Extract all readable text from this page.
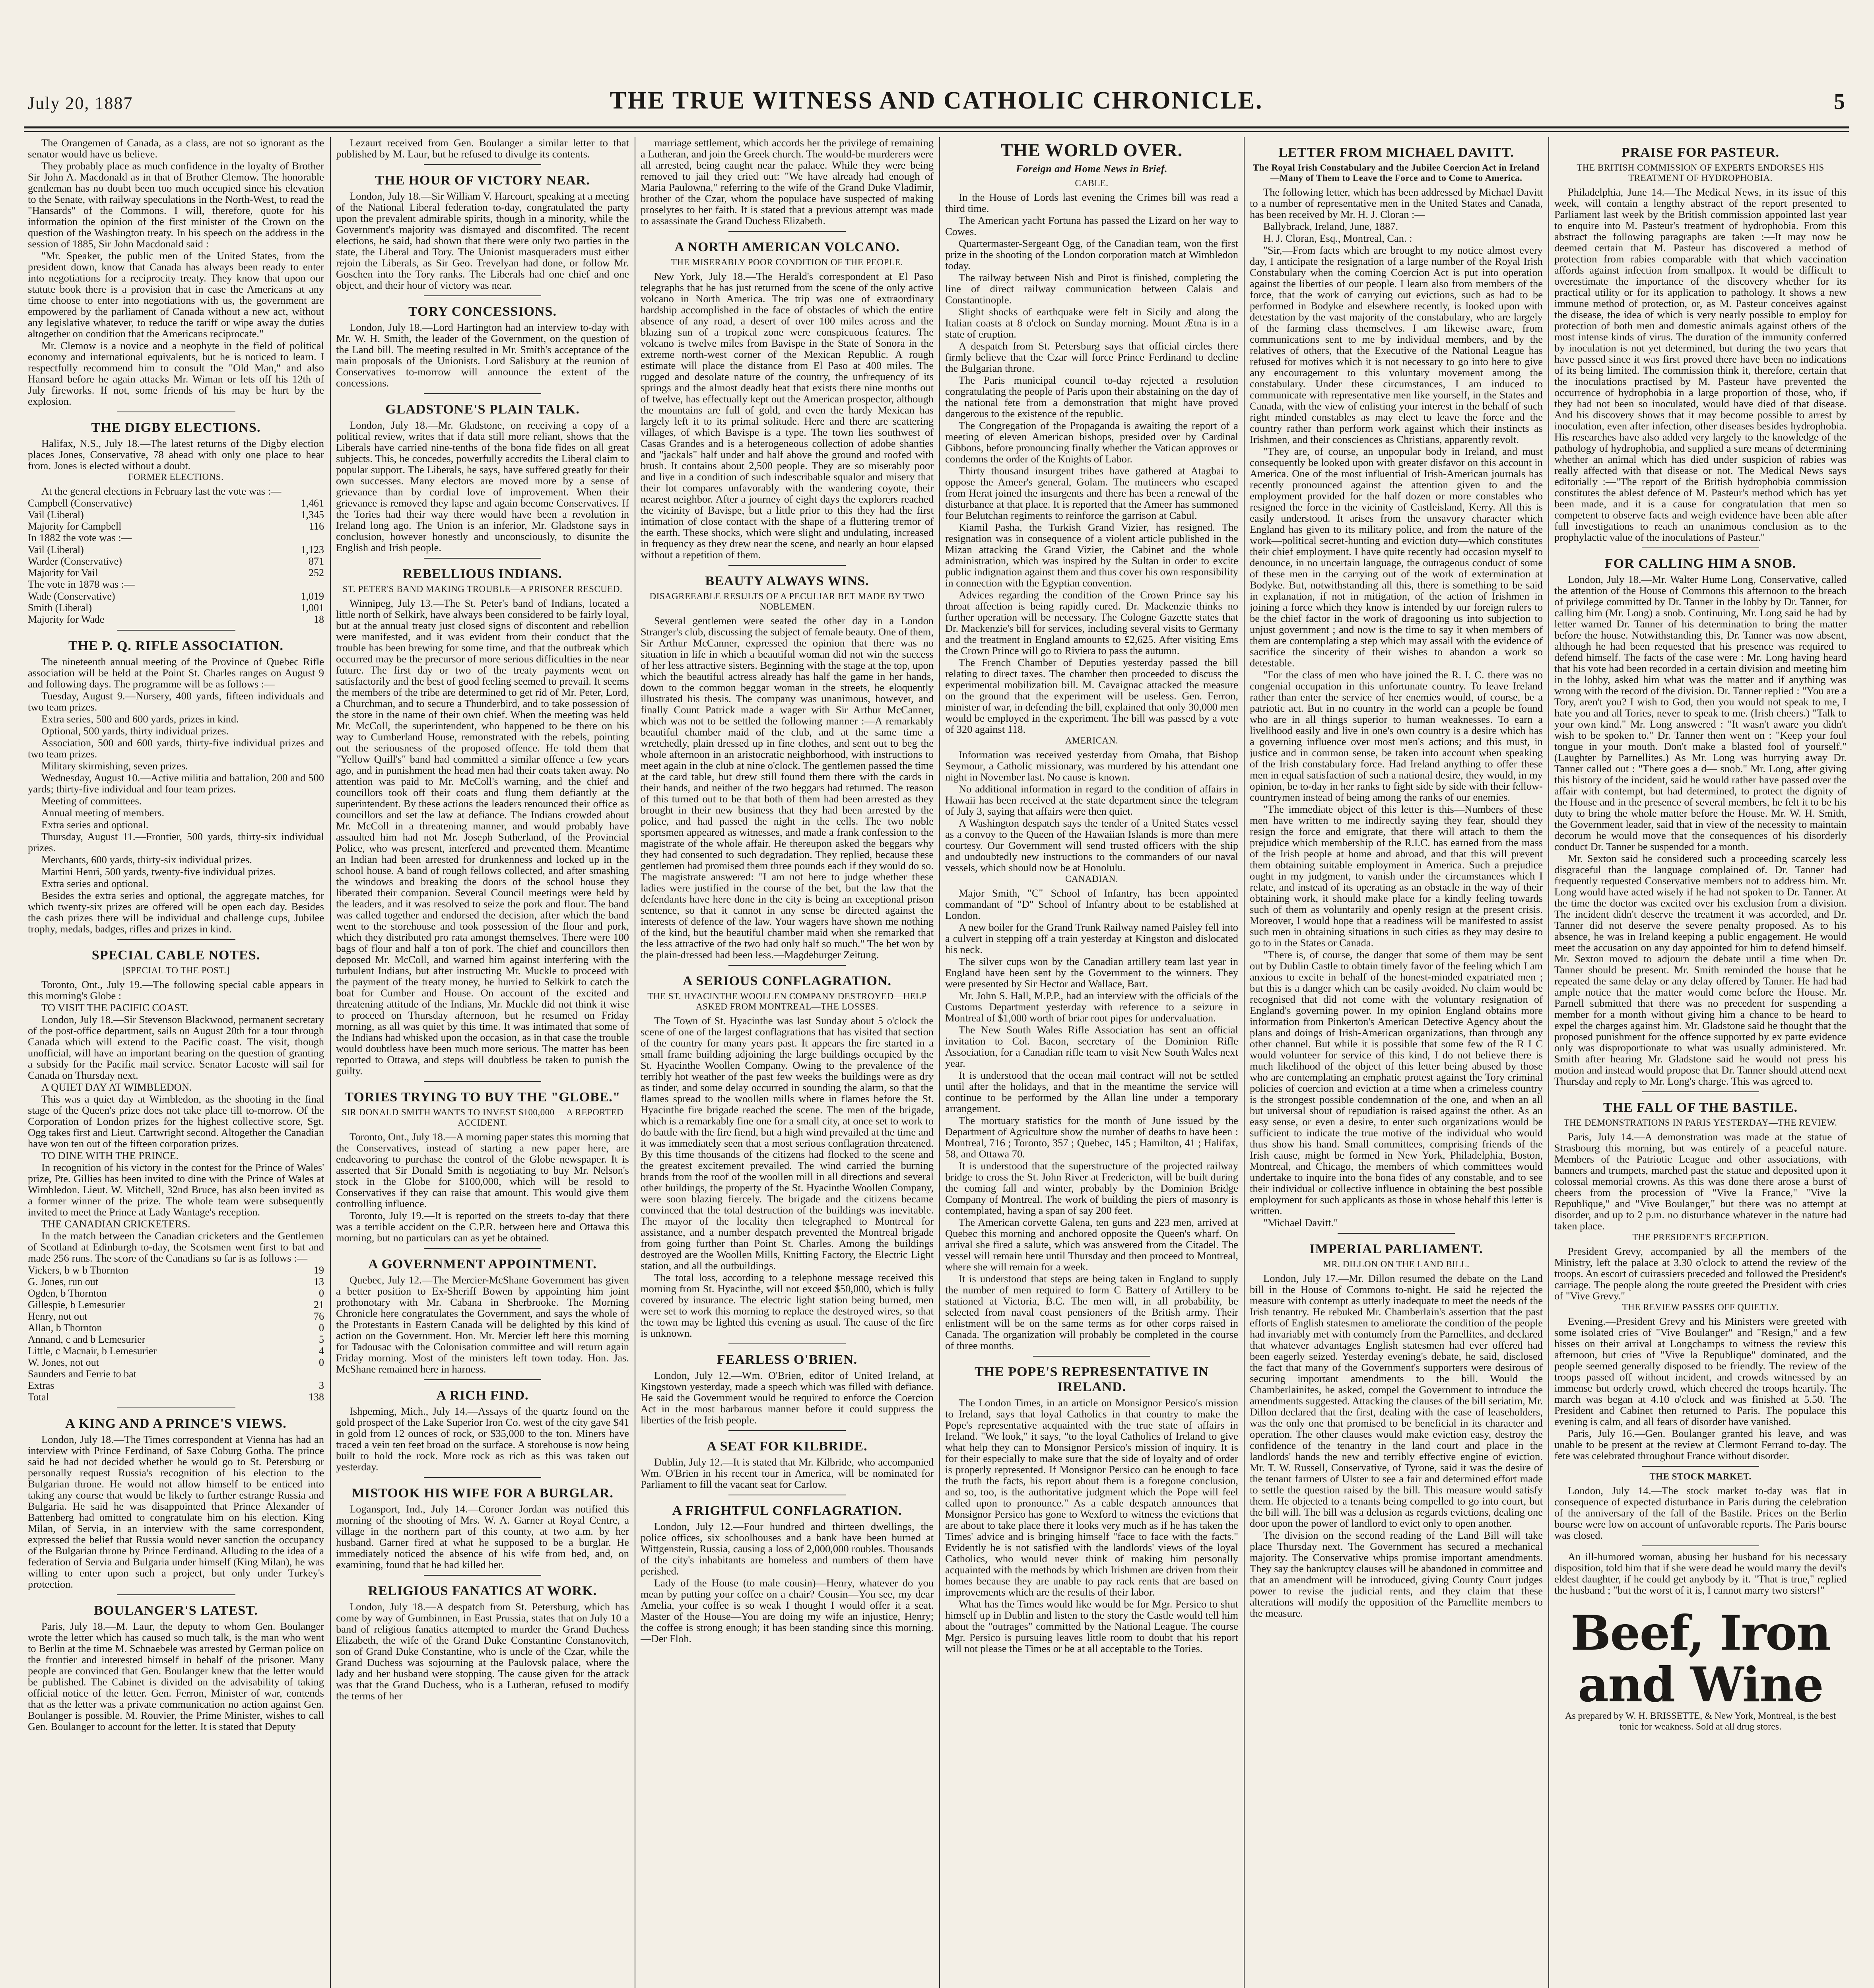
July 20, 1887	THE TRUE WITNESS AND CATHOLIC CHRONICLE.	5
The Orangemen of Canada, as a class, are not so ignorant as the senator would have us believe.
They probably place as much confidence in the loyalty of Brother Sir John A. Macdonald as in that of Brother Clemow. The honorable gentleman has no doubt been too much occupied since his elevation to the Senate, with railway speculations in the North-West, to read the "Hansards" of the Commons. I will, therefore, quote for his information the opinion of the first minister of the Crown on the question of the Washington treaty. In his speech on the address in the session of 1885, Sir John Macdonald said :
"Mr. Speaker, the public men of the United States, from the president down, know that Canada has always been ready to enter into negotiations for a reciprocity treaty. They know that upon our statute book there is a provision that in case the Americans at any time choose to enter into negotiations with us, the government are empowered by the parliament of Canada without a new act, without any legislative whatever, to reduce the tariff or wipe away the duties altogether on condition that the Americans reciprocate."
Mr. Clemow is a novice and a neophyte in the field of political economy and international equivalents, but he is noticed to learn. I respectfully recommend him to consult the "Old Man," and also Hansard before he again attacks Mr. Wiman or lets off his 12th of July fireworks. If not, some friends of his may be hurt by the explosion.
THE DIGBY ELECTIONS.
Halifax, N.S., July 18.—The latest returns of the Digby election places Jones, Conservative, 78 ahead with only one place to hear from. Jones is elected without a doubt.
FORMER ELECTIONS.
At the general elections in February last the vote was :—
Campbell (Conservative)	1,461
Vail (Liberal)	1,345
Majority for Campbell	116
In 1882 the vote was :—
Vail (Liberal)	1,123
Warder (Conservative)	871
Majority for Vail	252
The vote in 1878 was :—
Wade (Conservative)	1,019
Smith (Liberal)	1,001
Majority for Wade	18
THE P. Q. RIFLE ASSOCIATION.
The nineteenth annual meeting of the Province of Quebec Rifle association will be held at the Point St. Charles ranges on August 9 and following days. The programme will be as follows :—
Tuesday, August 9.—Nursery, 400 yards, fifteen individuals and two team prizes.
Extra series, 500 and 600 yards, prizes in kind.
Optional, 500 yards, thirty individual prizes.
Association, 500 and 600 yards, thirty-five individual prizes and two team prizes.
Military skirmishing, seven prizes.
Wednesday, August 10.—Active militia and battalion, 200 and 500 yards; thirty-five individual and four team prizes.
Meeting of committees.
Annual meeting of members.
Extra series and optional.
Thursday, August 11.—Frontier, 500 yards, thirty-six individual prizes.
Merchants, 600 yards, thirty-six individual prizes.
Martini Henri, 500 yards, twenty-five individual prizes.
Extra series and optional.
Besides the extra series and optional, the aggregate matches, for which twenty-six prizes are offered will be open each day. Besides the cash prizes there will be individual and challenge cups, Jubilee trophy, medals, badges, rifles and prizes in kind.
SPECIAL CABLE NOTES.
[SPECIAL TO THE POST.]
Toronto, Ont., July 19.—The following special cable appears in this morning's Globe :
TO VISIT THE PACIFIC COAST.
London, July 18.—Sir Stevenson Blackwood, permanent secretary of the post-office department, sails on August 20th for a tour through Canada which will extend to the Pacific coast. The visit, though unofficial, will have an important bearing on the question of granting a subsidy for the Pacific mail service. Senator Lacoste will sail for Canada on Thursday next.
A QUIET DAY AT WIMBLEDON.
This was a quiet day at Wimbledon, as the shooting in the final stage of the Queen's prize does not take place till to-morrow. Of the Corporation of London prizes for the highest collective score, Sgt. Ogg takes first and Lieut. Cartwright second. Altogether the Canadian have won ten out of the fifteen corporation prizes.
TO DINE WITH THE PRINCE.
In recognition of his victory in the contest for the Prince of Wales' prize, Pte. Gillies has been invited to dine with the Prince of Wales at Wimbledon. Lieut. W. Mitchell, 32nd Bruce, has also been invited as a former winner of the prize. The whole team were subsequently invited to meet the Prince at Lady Wantage's reception.
THE CANADIAN CRICKETERS.
In the match between the Canadian cricketers and the Gentlemen of Scotland at Edinburgh to-day, the Scotsmen went first to bat and made 256 runs. The score of the Canadians so far is as follows :—
Vickers, b w b Thornton	19
G. Jones, run out	13
Ogden, b Thornton	0
Gillespie, b Lemesurier	21
Henry, not out	76
Allan, b Thornton	0
Annand, c and b Lemesurier	5
Little, c Macnair, b Lemesurier	4
W. Jones, not out	0
Saunders and Ferrie to bat	
Extras	3
Total	138
A KING AND A PRINCE'S VIEWS.
London, July 18.—The Times correspondent at Vienna has had an interview with Prince Ferdinand, of Saxe Coburg Gotha. The prince said he had not decided whether he would go to St. Petersburg or personally request Russia's recognition of his election to the Bulgarian throne. He would not allow himself to be enticed into taking any course that would be likely to further estrange Russia and Bulgaria. He said he was disappointed that Prince Alexander of Battenberg had omitted to congratulate him on his election. King Milan, of Servia, in an interview with the same correspondent, expressed the belief that Russia would never sanction the occupancy of the Bulgarian throne by Prince Ferdinand. Alluding to the idea of a federation of Servia and Bulgaria under himself (King Milan), he was willing to enter upon such a project, but only under Turkey's protection.
BOULANGER'S LATEST.
Paris, July 18.—M. Laur, the deputy to whom Gen. Boulanger wrote the letter which has caused so much talk, is the man who went to Berlin at the time M. Schnaebele was arrested by German police on the frontier and interested himself in behalf of the prisoner. Many people are convinced that Gen. Boulanger knew that the letter would be published. The Cabinet is divided on the advisability of taking official notice of the letter. Gen. Ferron, Minister of war, contends that as the letter was a private communication no action against Gen. Boulanger is possible. M. Rouvier, the Prime Minister, wishes to call Gen. Boulanger to account for the letter. It is stated that Deputy
Lezaurt received from Gen. Boulanger a similar letter to that published by M. Laur, but he refused to divulge its contents.
THE HOUR OF VICTORY NEAR.
London, July 18.—Sir William V. Harcourt, speaking at a meeting of the National Liberal federation to-day, congratulated the party upon the prevalent admirable spirits, though in a minority, while the Government's majority was dismayed and discomfited. The recent elections, he said, had shown that there were only two parties in the state, the Liberal and Tory. The Unionist masqueraders must either rejoin the Liberals, as Sir Geo. Trevelyan had done, or follow Mr. Goschen into the Tory ranks. The Liberals had one chief and one object, and their hour of victory was near.
TORY CONCESSIONS.
London, July 18.—Lord Hartington had an interview to-day with Mr. W. H. Smith, the leader of the Government, on the question of the Land bill. The meeting resulted in Mr. Smith's acceptance of the main proposals of the Unionists. Lord Salisbury at the reunion of Conservatives to-morrow will announce the extent of the concessions.
GLADSTONE'S PLAIN TALK.
London, July 18.—Mr. Gladstone, on receiving a copy of a political review, writes that if data still more reliant, shows that the Liberals have carried nine-tenths of the bona fide fides on all great subjects. This, he concedes, powerfully accredits the Liberal claim to popular support. The Liberals, he says, have suffered greatly for their own successes. Many electors are moved more by a sense of grievance than by cordial love of improvement. When their grievance is removed they lapse and again become Conservatives. If the Tories had their way there would have been a revolution in Ireland long ago. The Union is an inferior, Mr. Gladstone says in conclusion, however honestly and unconsciously, to disunite the English and Irish people.
REBELLIOUS INDIANS.
ST. PETER'S BAND MAKING TROUBLE—A PRISONER RESCUED.
Winnipeg, July 13.—The St. Peter's band of Indians, located a little north of Selkirk, have always been considered to be fairly loyal, but at the annual treaty just closed signs of discontent and rebellion were manifested, and it was evident from their conduct that the trouble has been brewing for some time, and that the outbreak which occurred may be the precursor of more serious difficulties in the near future. The first day or two of the treaty payments went on satisfactorily and the best of good feeling seemed to prevail. It seems the members of the tribe are determined to get rid of Mr. Peter, Lord, a Churchman, and to secure a Thunderbird, and to take possession of the store in the name of their own chief. When the meeting was held Mr. McColl, the superintendent, who happened to be there on his way to Cumberland House, remonstrated with the rebels, pointing out the seriousness of the proposed offence. He told them that "Yellow Quill's" band had committed a similar offence a few years ago, and in punishment the head men had their coats taken away. No attention was paid to Mr. McColl's warning, and the chief and councillors took off their coats and flung them defiantly at the superintendent. By these actions the leaders renounced their office as councillors and set the law at defiance. The Indians crowded about Mr. McColl in a threatening manner, and would probably have assaulted him had not Mr. Joseph Sutherland, of the Provincial Police, who was present, interfered and prevented them. Meantime an Indian had been arrested for drunkenness and locked up in the school house. A band of rough fellows collected, and after smashing the windows and breaking the doors of the school house they liberated their companion. Several Council meetings were held by the leaders, and it was resolved to seize the pork and flour. The band was called together and endorsed the decision, after which the band went to the storehouse and took possession of the flour and pork, which they distributed pro rata amongst themselves. There were 100 bags of flour and half a ton of pork. The chief and councillors then deposed Mr. McColl, and warned him against interfering with the turbulent Indians, but after instructing Mr. Muckle to proceed with the payment of the treaty money, he hurried to Selkirk to catch the boat for Cumber and House. On account of the excited and threatening attitude of the Indians, Mr. Muckle did not think it wise to proceed on Thursday afternoon, but he resumed on Friday morning, as all was quiet by this time. It was intimated that some of the Indians had whisked upon the occasion, as in that case the trouble would doubtless have been much more serious. The matter has been reported to Ottawa, and steps will doubtless be taken to punish the guilty.
TORIES TRYING TO BUY THE "GLOBE."
SIR DONALD SMITH WANTS TO INVEST $100,000 —A REPORTED ACCIDENT.
Toronto, Ont., July 18.—A morning paper states this morning that the Conservatives, instead of starting a new paper here, are endeavoring to purchase the control of the Globe newspaper. It is asserted that Sir Donald Smith is negotiating to buy Mr. Nelson's stock in the Globe for $100,000, which will be resold to Conservatives if they can raise that amount. This would give them controlling influence.
Toronto, July 19.—It is reported on the streets to-day that there was a terrible accident on the C.P.R. between here and Ottawa this morning, but no particulars can as yet be obtained.
A GOVERNMENT APPOINTMENT.
Quebec, July 12.—The Mercier-McShane Government has given a better position to Ex-Sheriff Bowen by appointing him joint prothonotary with Mr. Cabana in Sherbrooke. The Morning Chronicle here congratulates the Government, and says the whole of the Protestants in Eastern Canada will be delighted by this kind of action on the Government. Hon. Mr. Mercier left here this morning for Tadousac with the Colonisation committee and will return again Friday morning. Most of the ministers left town today. Hon. Jas. McShane remained here in harness.
A RICH FIND.
Ishpeming, Mich., July 14.—Assays of the quartz found on the gold prospect of the Lake Superior Iron Co. west of the city gave $41 in gold from 12 ounces of rock, or $35,000 to the ton. Miners have traced a vein ten feet broad on the surface. A storehouse is now being built to hold the rock. More rock as rich as this was taken out yesterday.
MISTOOK HIS WIFE FOR A BURGLAR.
Logansport, Ind., July 14.—Coroner Jordan was notified this morning of the shooting of Mrs. W. A. Garner at Royal Centre, a village in the northern part of this county, at two a.m. by her husband. Garner fired at what he supposed to be a burglar. He immediately noticed the absence of his wife from bed, and, on examining, found that he had killed her.
RELIGIOUS FANATICS AT WORK.
London, July 18.—A despatch from St. Petersburg, which has come by way of Gumbinnen, in East Prussia, states that on July 10 a band of religious fanatics attempted to murder the Grand Duchess Elizabeth, the wife of the Grand Duke Constantine Constanovitch, son of Grand Duke Constantine, who is uncle of the Czar, while the Grand Duchess was sojourning at the Paulovsk palace, where the lady and her husband were stopping. The cause given for the attack was that the Grand Duchess, who is a Lutheran, refused to modify the terms of her
marriage settlement, which accords her the privilege of remaining a Lutheran, and join the Greek church. The would-be murderers were all arrested, being caught near the palace. While they were being removed to jail they cried out: "We have already had enough of Maria Paulowna," referring to the wife of the Grand Duke Vladimir, brother of the Czar, whom the populace have suspected of making proselytes to her faith. It is stated that a previous attempt was made to assassinate the Grand Duchess Elizabeth.
A NORTH AMERICAN VOLCANO.
THE MISERABLY POOR CONDITION OF THE PEOPLE.
New York, July 18.—The Herald's correspondent at El Paso telegraphs that he has just returned from the scene of the only active volcano in North America. The trip was one of extraordinary hardship accomplished in the face of obstacles of which the entire absence of any road, a desert of over 100 miles across and the blazing sun of a tropical zone were conspicuous features. The volcano is twelve miles from Bavispe in the State of Sonora in the extreme north-west corner of the Mexican Republic. A rough estimate will place the distance from El Paso at 400 miles. The rugged and desolate nature of the country, the unfrequency of its springs and the almost deadly heat that exists there nine months out of twelve, has effectually kept out the American prospector, although the mountains are full of gold, and even the hardy Mexican has largely left it to its primal solitude. Here and there are scattering villages, of which Bavispe is a type. The town lies southwest of Casas Grandes and is a heterogeneous collection of adobe shanties and "jackals" half under and half above the ground and roofed with brush. It contains about 2,500 people. They are so miserably poor and live in a condition of such indescribable squalor and misery that their lot compares unfavorably with the wandering coyote, their nearest neighbor. After a journey of eight days the explorers reached the vicinity of Bavispe, but a little prior to this they had the first intimation of close contact with the shape of a fluttering tremor of the earth. These shocks, which were slight and undulating, increased in frequency as they drew near the scene, and nearly an hour elapsed without a repetition of them.
BEAUTY ALWAYS WINS.
DISAGREEABLE RESULTS OF A PECULIAR BET MADE BY TWO NOBLEMEN.
Several gentlemen were seated the other day in a London Stranger's club, discussing the subject of female beauty. One of them, Sir Arthur McCanner, expressed the opinion that there was no situation in life in which a beautiful woman did not win the success of her less attractive sisters. Beginning with the stage at the top, upon which the beautiful actress already has half the game in her hands, down to the common beggar woman in the streets, he eloquently illustrated his thesis. The company was unanimous, however, and finally Count Patrick made a wager with Sir Arthur McCanner, which was not to be settled the following manner :—A remarkably beautiful chamber maid of the club, and at the same time a wretchedly, plain dressed up in fine clothes, and sent out to beg the whole afternoon in an aristocratic neighborhood, with instructions to meet again in the club at nine o'clock. The gentlemen passed the time at the card table, but drew still found them there with the cards in their hands, and neither of the two beggars had returned. The reason of this turned out to be that both of them had been arrested as they brought in their new business that they had been arrested by the police, and had passed the night in the cells. The two noble sportsmen appeared as witnesses, and made a frank confession to the magistrate of the whole affair. He thereupon asked the beggars why they had consented to such degradation. They replied, because these gentlemen had promised them three pounds each if they would do so. The magistrate answered: "I am not here to judge whether these ladies were justified in the course of the bet, but the law that the defendants have here done in the city is being an exceptional prison sentence, so that it cannot in any sense be directed against the interests of defence of the law. Your wagers have shown me nothing of the kind, but the beautiful chamber maid when she remarked that the less attractive of the two had only half so much." The bet won by the plain-dressed had been less.—Magdeburger Zeitung.
A SERIOUS CONFLAGRATION.
THE ST. HYACINTHE WOOLLEN COMPANY DESTROYED—HELP ASKED FROM MONTREAL—THE LOSSES.
The Town of St. Hyacinthe was last Sunday about 5 o'clock the scene of one of the largest conflagrations that has visited that section of the country for many years past. It appears the fire started in a small frame building adjoining the large buildings occupied by the St. Hyacinthe Woollen Company. Owing to the prevalence of the terribly hot weather of the past few weeks the buildings were as dry as tinder, and some delay occurred in sounding the alarm, so that the flames spread to the woollen mills where in flames before the St. Hyacinthe fire brigade reached the scene. The men of the brigade, which is a remarkably fine one for a small city, at once set to work to do battle with the fire fiend, but a high wind prevailed at the time and it was immediately seen that a most serious conflagration threatened. By this time thousands of the citizens had flocked to the scene and the greatest excitement prevailed. The wind carried the burning brands from the roof of the woollen mill in all directions and several other buildings, the property of the St. Hyacinthe Woollen Company, were soon blazing fiercely. The brigade and the citizens became convinced that the total destruction of the buildings was inevitable. The mayor of the locality then telegraphed to Montreal for assistance, and a number despatch prevented the Montreal brigade from going further than Point St. Charles. Among the buildings destroyed are the Woollen Mills, Knitting Factory, the Electric Light station, and all the outbuildings.
The total loss, according to a telephone message received this morning from St. Hyacinthe, will not exceed $50,000, which is fully covered by insurance. The electric light station being burned, men were set to work this morning to replace the destroyed wires, so that the town may be lighted this evening as usual. The cause of the fire is unknown.
FEARLESS O'BRIEN.
London, July 12.—Wm. O'Brien, editor of United Ireland, at Kingstown yesterday, made a speech which was filled with defiance. He said the Government would be required to enforce the Coercion Act in the most barbarous manner before it could suppress the liberties of the Irish people.
A SEAT FOR KILBRIDE.
Dublin, July 12.—It is stated that Mr. Kilbride, who accompanied Wm. O'Brien in his recent tour in America, will be nominated for Parliament to fill the vacant seat for Carlow.
A FRIGHTFUL CONFLAGRATION.
London, July 12.—Four hundred and thirteen dwellings, the police offices, six schoolhouses and a bank have been burned at Wittgenstein, Russia, causing a loss of 2,000,000 roubles. Thousands of the city's inhabitants are homeless and numbers of them have perished.
Lady of the House (to male cousin)—Henry, whatever do you mean by putting your coffee on a chair? Cousin—You see, my dear Amelia, your coffee is so weak I thought I would offer it a seat. Master of the House—You are doing my wife an injustice, Henry; the coffee is strong enough; it has been standing since this morning.—Der Floh.
THE WORLD OVER.
Foreign and Home News in Brief.
CABLE.
In the House of Lords last evening the Crimes bill was read a third time.
The American yacht Fortuna has passed the Lizard on her way to Cowes.
Quartermaster-Sergeant Ogg, of the Canadian team, won the first prize in the shooting of the London corporation match at Wimbledon today.
The railway between Nish and Pirot is finished, completing the line of direct railway communication between Calais and Constantinople.
Slight shocks of earthquake were felt in Sicily and along the Italian coasts at 8 o'clock on Sunday morning. Mount Ætna is in a state of eruption.
A despatch from St. Petersburg says that official circles there firmly believe that the Czar will force Prince Ferdinand to decline the Bulgarian throne.
The Paris municipal council to-day rejected a resolution congratulating the people of Paris upon their abstaining on the day of the national fete from a demonstration that might have proved dangerous to the existence of the republic.
The Congregation of the Propaganda is awaiting the report of a meeting of eleven American bishops, presided over by Cardinal Gibbons, before pronouncing finally whether the Vatican approves or condemns the order of the Knights of Labor.
Thirty thousand insurgent tribes have gathered at Atagbai to oppose the Ameer's general, Golam. The mutineers who escaped from Herat joined the insurgents and there has been a renewal of the disturbance at that place. It is reported that the Ameer has summoned four Belutchan regiments to reinforce the garrison at Cabul.
Kiamil Pasha, the Turkish Grand Vizier, has resigned. The resignation was in consequence of a violent article published in the Mizan attacking the Grand Vizier, the Cabinet and the whole administration, which was inspired by the Sultan in order to excite public indignation against them and thus cover his own responsibility in connection with the Egyptian convention.
Advices regarding the condition of the Crown Prince say his throat affection is being rapidly cured. Dr. Mackenzie thinks no further operation will be necessary. The Cologne Gazette states that Dr. Mackenzie's bill for services, including several visits to Germany and the treatment in England amounts to £2,625. After visiting Ems the Crown Prince will go to Riviera to pass the autumn.
The French Chamber of Deputies yesterday passed the bill relating to direct taxes. The chamber then proceeded to discuss the experimental mobilization bill. M. Cavaignac attacked the measure on the ground that the experiment will be useless. Gen. Ferron, minister of war, in defending the bill, explained that only 30,000 men would be employed in the experiment. The bill was passed by a vote of 320 against 118.
AMERICAN.
Information was received yesterday from Omaha, that Bishop Seymour, a Catholic missionary, was murdered by his attendant one night in November last. No cause is known.
No additional information in regard to the condition of affairs in Hawaii has been received at the state department since the telegram of July 3, saying that affairs were then quiet.
A Washington despatch says the tender of a United States vessel as a convoy to the Queen of the Hawaiian Islands is more than mere courtesy. Our Government will send trusted officers with the ship and undoubtedly new instructions to the commanders of our naval vessels, which should now be at Honolulu.
CANADIAN.
Major Smith, "C" School of Infantry, has been appointed commandant of "D" School of Infantry about to be established at London.
A new boiler for the Grand Trunk Railway named Paisley fell into a culvert in stepping off a train yesterday at Kingston and dislocated his neck.
The silver cups won by the Canadian artillery team last year in England have been sent by the Government to the winners. They were presented by Sir Hector and Wallace, Bart.
Mr. John S. Hall, M.P.P., had an interview with the officials of the Customs Department yesterday with reference to a seizure in Montreal of $1,000 worth of briar root pipes for undervaluation.
The New South Wales Rifle Association has sent an official invitation to Col. Bacon, secretary of the Dominion Rifle Association, for a Canadian rifle team to visit New South Wales next year.
It is understood that the ocean mail contract will not be settled until after the holidays, and that in the meantime the service will continue to be performed by the Allan line under a temporary arrangement.
The mortuary statistics for the month of June issued by the Department of Agriculture show the number of deaths to have been : Montreal, 716 ; Toronto, 357 ; Quebec, 145 ; Hamilton, 41 ; Halifax, 58, and Ottawa 70.
It is understood that the superstructure of the projected railway bridge to cross the St. John River at Fredericton, will be built during the coming fall and winter, probably by the Dominion Bridge Company of Montreal. The work of building the piers of masonry is contemplated, having a span of say 200 feet.
The American corvette Galena, ten guns and 223 men, arrived at Quebec this morning and anchored opposite the Queen's wharf. On arrival she fired a salute, which was answered from the Citadel. The vessel will remain here until Thursday and then proceed to Montreal, where she will remain for a week.
It is understood that steps are being taken in England to supply the number of men required to form C Battery of Artillery to be stationed at Victoria, B.C. The men will, in all probability, be selected from naval coast pensioners of the British army. Their enlistment will be on the same terms as for other corps raised in Canada. The organization will probably be completed in the course of three months.
THE POPE'S REPRESENTATIVE IN IRELAND.
The London Times, in an article on Monsignor Persico's mission to Ireland, says that loyal Catholics in that country to make the Pope's representative acquainted with the true state of affairs in Ireland. "We look," it says, "to the loyal Catholics of Ireland to give what help they can to Monsignor Persico's mission of inquiry. It is for their especially to make sure that the side of loyalty and of order is properly represented. If Monsignor Persico can be enough to face the truth the facts, his report about them is a foregone conclusion, and so, too, is the authoritative judgment which the Pope will feel called upon to pronounce." As a cable despatch announces that Monsignor Persico has gone to Wexford to witness the evictions that are about to take place there it looks very much as if he has taken the Times' advice and is bringing himself "face to face with the facts." Evidently he is not satisfied with the landlords' views of the loyal Catholics, who would never think of making him personally acquainted with the methods by which Irishmen are driven from their homes because they are unable to pay rack rents that are based on improvements which are the results of their labor.
What has the Times would like would be for Mgr. Persico to shut himself up in Dublin and listen to the story the Castle would tell him about the "outrages" committed by the National League. The course Mgr. Persico is pursuing leaves little room to doubt that his report will not please the Times or be at all acceptable to the Tories.
LETTER FROM MICHAEL DAVITT.
The Royal Irish Constabulary and the Jubilee Coercion Act in Ireland—Many of Them to Leave the Force and to Come to America.
The following letter, which has been addressed by Michael Davitt to a number of representative men in the United States and Canada, has been received by Mr. H. J. Cloran :—
Ballybrack, Ireland, June, 1887.
H. J. Cloran, Esq., Montreal, Can. :
"Sir,—From facts which are brought to my notice almost every day, I anticipate the resignation of a large number of the Royal Irish Constabulary when the coming Coercion Act is put into operation against the liberties of our people. I learn also from members of the force, that the work of carrying out evictions, such as had to be performed in Bodyke and elsewhere recently, is looked upon with detestation by the vast majority of the constabulary, who are largely of the farming class themselves. I am likewise aware, from communications sent to me by individual members, and by the relatives of others, that the Executive of the National League has refused for motives which it is not necessary to go into here to give any encouragement to this voluntary movement among the constabulary. Under these circumstances, I am induced to communicate with representative men like yourself, in the States and Canada, with the view of enlisting your interest in the behalf of such right minded constables as may elect to leave the force and the country rather than perform work against which their instincts as Irishmen, and their consciences as Christians, apparently revolt.
"They are, of course, an unpopular body in Ireland, and must consequently be looked upon with greater disfavor on this account in America. One of the most influential of Irish-American journals has recently pronounced against the attention given to and the employment provided for the half dozen or more constables who resigned the force in the vicinity of Castleisland, Kerry. All this is easily understood. It arises from the unsavory character which England has given to its military police, and from the nature of the work—political secret-hunting and eviction duty—which constitutes their chief employment. I have quite recently had occasion myself to denounce, in no uncertain language, the outrageous conduct of some of these men in the carrying out of the work of extermination at Bodyke. But, notwithstanding all this, there is something to be said in explanation, if not in mitigation, of the action of Irishmen in joining a force which they know is intended by our foreign rulers to be the chief factor in the work of dragooning us into subjection to unjust government ; and now is the time to say it when members of them are contemplating a step which may assail with the evidence of sacrifice the sincerity of their wishes to abandon a work so detestable.
"For the class of men who have joined the R. I. C. there was no congenial occupation in this unfortunate country. To leave Ireland rather than enter the service of her enemies would, of course, be a patriotic act. But in no country in the world can a people be found who are in all things superior to human weaknesses. To earn a livelihood easily and live in one's own country is a desire which has a governing influence over most men's actions; and this must, in justice and in common sense, be taken into account when speaking of the Irish constabulary force. Had Ireland anything to offer these men in equal satisfaction of such a national desire, they would, in my opinion, be to-day in her ranks to fight side by side with their fellow-countrymen instead of being among the ranks of our enemies.
"The immediate object of this letter is this—Numbers of these men have written to me indirectly saying they fear, should they resign the force and emigrate, that there will attach to them the prejudice which membership of the R.I.C. has earned from the mass of the Irish people at home and abroad, and that this will prevent them obtaining suitable employment in America. Such a prejudice ought in my judgment, to vanish under the circumstances which I relate, and instead of its operating as an obstacle in the way of their obtaining work, it should make place for a kindly feeling towards such of them as voluntarily and openly resign at the present crisis. Moreover, I would hope that a readiness will be manifested to assist such men in obtaining situations in such cities as they may desire to go to in the States or Canada.
"There is, of course, the danger that some of them may be sent out by Dublin Castle to obtain timely favor of the feeling which I am anxious to excite in behalf of the honest-minded expatriated men ; but this is a danger which can be easily avoided. No claim would be recognised that did not come with the voluntary resignation of England's governing power. In my opinion England obtains more information from Pinkerton's American Detective Agency about the plans and doings of Irish-American organizations, than through any other channel. But while it is possible that some few of the R I C would volunteer for service of this kind, I do not believe there is much likelihood of the object of this letter being abused by those who are contemplating an emphatic protest against the Tory criminal policies of coercion and eviction at a time when a crimeless country is the strongest possible condemnation of the one, and when an all but universal shout of repudiation is raised against the other. As an easy sense, or even a desire, to enter such organizations would be sufficient to indicate the true motive of the individual who would thus show his hand. Small committees, comprising friends of the Irish cause, might be formed in New York, Philadelphia, Boston, Montreal, and Chicago, the members of which committees would undertake to inquire into the bona fides of any constable, and to see their individual or collective influence in obtaining the best possible employment for such applicants as those in whose behalf this letter is written.
"Michael Davitt."
IMPERIAL PARLIAMENT.
MR. DILLON ON THE LAND BILL.
London, July 17.—Mr. Dillon resumed the debate on the Land bill in the House of Commons to-night. He said he rejected the measure with contempt as utterly inadequate to meet the needs of the Irish tenantry. He rebuked Mr. Chamberlain's assertion that the past efforts of English statesmen to ameliorate the condition of the people had invariably met with contumely from the Parnellites, and declared that whatever advantages English statesmen had ever offered had been eagerly seized. Yesterday evening's debate, he said, disclosed the fact that many of the Government's supporters were desirous of securing important amendments to the bill. Would the Chamberlainites, he asked, compel the Government to introduce the amendments suggested. Attacking the clauses of the bill seriatim, Mr. Dillon declared that the first, dealing with the case of leaseholders, was the only one that promised to be beneficial in its character and operation. The other clauses would make eviction easy, destroy the confidence of the tenantry in the land court and place in the landlords' hands the new and terribly effective engine of eviction. Mr. T. W. Russell, Conservative, of Tyrone, said it was the desire of the tenant farmers of Ulster to see a fair and determined effort made to settle the question raised by the bill. This measure would satisfy them. He objected to a tenants being compelled to go into court, but the bill will. The bill was a delusion as regards evictions, dealing one door upon the power of landlord to evict only to open another.
The division on the second reading of the Land Bill will take place Thursday next. The Government has secured a mechanical majority. The Conservative whips promise important amendments. They say the bankruptcy clauses will be abandoned in committee and that an amendment will be introduced, giving County Court judges power to revise the judicial rents, and they claim that these alterations will modify the opposition of the Parnellite members to the measure.
PRAISE FOR PASTEUR.
THE BRITISH COMMISSION OF EXPERTS ENDORSES HIS TREATMENT OF HYDROPHOBIA.
Philadelphia, June 14.—The Medical News, in its issue of this week, will contain a lengthy abstract of the report presented to Parliament last week by the British commission appointed last year to enquire into M. Pasteur's treatment of hydrophobia. From this abstract the following paragraphs are taken :—It may now be deemed certain that M. Pasteur has discovered a method of protection from rabies comparable with that which vaccination affords against infection from smallpox. It would be difficult to overestimate the importance of the discovery whether for its practical utility or for its application to pathology. It shows a new immune method of protection, or, as M. Pasteur conceives against the disease, the idea of which is very nearly possible to employ for protection of both men and domestic animals against others of the most intense kinds of virus. The duration of the immunity conferred by inoculation is not yet determined, but during the two years that have passed since it was first proved there have been no indications of its being limited. The commission think it, therefore, certain that the inoculations practised by M. Pasteur have prevented the occurrence of hydrophobia in a large proportion of those, who, if they had not been so inoculated, would have died of that disease. And his discovery shows that it may become possible to arrest by inoculation, even after infection, other diseases besides hydrophobia. His researches have also added very largely to the knowledge of the pathology of hydrophobia, and supplied a sure means of determining whether an animal which has died under suspicion of rabies was really affected with that disease or not. The Medical News says editorially :—"The report of the British hydrophobia commission constitutes the ablest defence of M. Pasteur's method which has yet been made, and it is a cause for congratulation that men so competent to observe facts and weigh evidence have been able after full investigations to reach an unanimous conclusion as to the prophylactic value of the inoculations of Pasteur."
FOR CALLING HIM A SNOB.
London, July 18.—Mr. Walter Hume Long, Conservative, called the attention of the House of Commons this afternoon to the breach of privilege committed by Dr. Tanner in the lobby by Dr. Tanner, for calling him (Mr. Long) a snob. Continuing, Mr. Long said he had by letter warned Dr. Tanner of his determination to bring the matter before the house. Notwithstanding this, Dr. Tanner was now absent, although he had been requested that his presence was required to defend himself. The facts of the case were : Mr. Long having heard that his vote had been recorded in a certain division and meeting him in the lobby, asked him what was the matter and if anything was wrong with the record of the division. Dr. Tanner replied : "You are a Tory, aren't you? I wish to God, then you would not speak to me, I hate you and all Tories, never to speak to me. (Irish cheers.) "Talk to your own kind." Mr. Long answered : "It wasn't aware you didn't wish to be spoken to." Dr. Tanner then went on : "Keep your foul tongue in your mouth. Don't make a blasted fool of yourself." (Laughter by Parnellites.) As Mr. Long was hurrying away Dr. Tanner called out : "There goes a d— snob." Mr. Long, after giving this history of the incident, said he would rather have passed over the affair with contempt, but had determined, to protect the dignity of the House and in the presence of several members, he felt it to be his duty to bring the whole matter before the House. Mr. W. H. Smith, the Government leader, said that in view of the necessity to maintain decorum he would move that the consequences of his disorderly conduct Dr. Tanner be suspended for a month.
Mr. Sexton said he considered such a proceeding scarcely less disgraceful than the language complained of. Dr. Tanner had frequently requested Conservative members not to address him. Mr. Long would have acted wisely if he had not spoken to Dr. Tanner. At the time the doctor was excited over his exclusion from a division. The incident didn't deserve the treatment it was accorded, and Dr. Tanner did not deserve the severe penalty proposed. As to his absence, he was in Ireland keeping a public engagement. He would meet the accusation on any day appointed for him to defend himself. Mr. Sexton moved to adjourn the debate until a time when Dr. Tanner should be present. Mr. Smith reminded the house that he repeated the same delay or any delay offered by Tanner. He had had ample notice that the matter would come before the House. Mr. Parnell submitted that there was no precedent for suspending a member for a month without giving him a chance to be heard to expel the charges against him. Mr. Gladstone said he thought that the proposed punishment for the offence supported by ex parte evidence only was disproportionate to what was usually administered. Mr. Smith after hearing Mr. Gladstone said he would not press his motion and instead would propose that Dr. Tanner should attend next Thursday and reply to Mr. Long's charge. This was agreed to.
THE FALL OF THE BASTILE.
THE DEMONSTRATIONS IN PARIS YESTERDAY—THE REVIEW.
Paris, July 14.—A demonstration was made at the statue of Strasbourg this morning, but was entirely of a peaceful nature. Members of the Patriotic League and other associations, with banners and trumpets, marched past the statue and deposited upon it colossal memorial crowns. As this was done there arose a burst of cheers from the procession of "Vive la France," "Vive la Republique," and "Vive Boulanger," but there was no attempt at disorder, and up to 2 p.m. no disturbance whatever in the nature had taken place.
THE PRESIDENT'S RECEPTION.
President Grevy, accompanied by all the members of the Ministry, left the palace at 3.30 o'clock to attend the review of the troops. An escort of cuirassiers preceded and followed the President's carriage. The people along the route greeted the President with cries of "Vive Grevy."
THE REVIEW PASSES OFF QUIETLY.
Evening.—President Grevy and his Ministers were greeted with some isolated cries of "Vive Boulanger" and "Resign," and a few hisses on their arrival at Longchamps to witness the review this afternoon, but cries of "Vive la Republique" dominated, and the people seemed generally disposed to be friendly. The review of the troops passed off without incident, and crowds witnessed by an immense but orderly crowd, which cheered the troops heartily. The march was began at 4.10 o'clock and was finished at 5.50. The President and Cabinet then returned to Paris. The populace this evening is calm, and all fears of disorder have vanished.
Paris, July 16.—Gen. Boulanger granted his leave, and was unable to be present at the review at Clermont Ferrand to-day. The fete was celebrated throughout France without disorder.
THE STOCK MARKET.
London, July 14.—The stock market to-day was flat in consequence of expected disturbance in Paris during the celebration of the anniversary of the fall of the Bastile. Prices on the Berlin bourse were low on account of unfavorable reports. The Paris bourse was closed.
An ill-humored woman, abusing her husband for his necessary disposition, told him that if she were dead he would marry the devil's eldest daughter, if he could get anybody by it. "That is true," replied the husband ; "but the worst of it is, I cannot marry two sisters!"
Beef, Iron and Wine
As prepared by W. H. BRISSETTE, & New York, Montreal, is the best tonic for weakness. Sold at all drug stores.
